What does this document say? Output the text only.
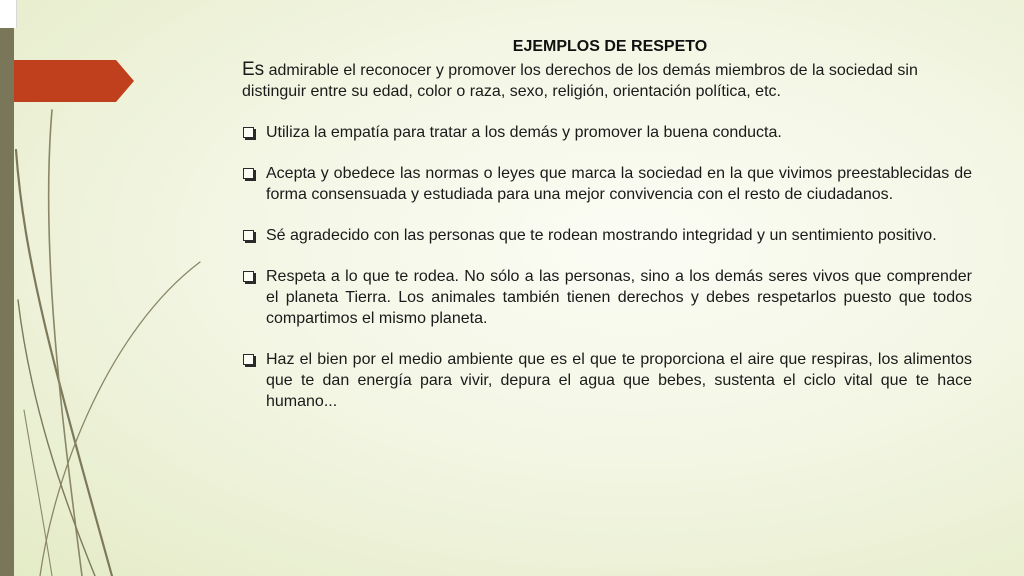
EJEMPLOS DE RESPETO

Es admirable el reconocer y promover los derechos de los demás miembros de la sociedad sin distinguir entre su edad, color o raza, sexo, religión, orientación política, etc.

Utiliza la empatía para tratar a los demás y promover la buena conducta.
Acepta y obedece las normas o leyes que marca la sociedad en la que vivimos preestablecidas de forma consensuada y estudiada para una mejor convivencia con el resto de ciudadanos.
Sé agradecido con las personas que te rodean mostrando integridad y un sentimiento positivo.
Respeta a lo que te rodea. No sólo a las personas, sino a los demás seres vivos que comprender el planeta Tierra. Los animales también tienen derechos y debes respetarlos puesto que todos compartimos el mismo planeta.
Haz el bien por el medio ambiente que es el que te proporciona el aire que respiras, los alimentos que te dan energía para vivir, depura el agua que bebes, sustenta el ciclo vital que te hace humano...
